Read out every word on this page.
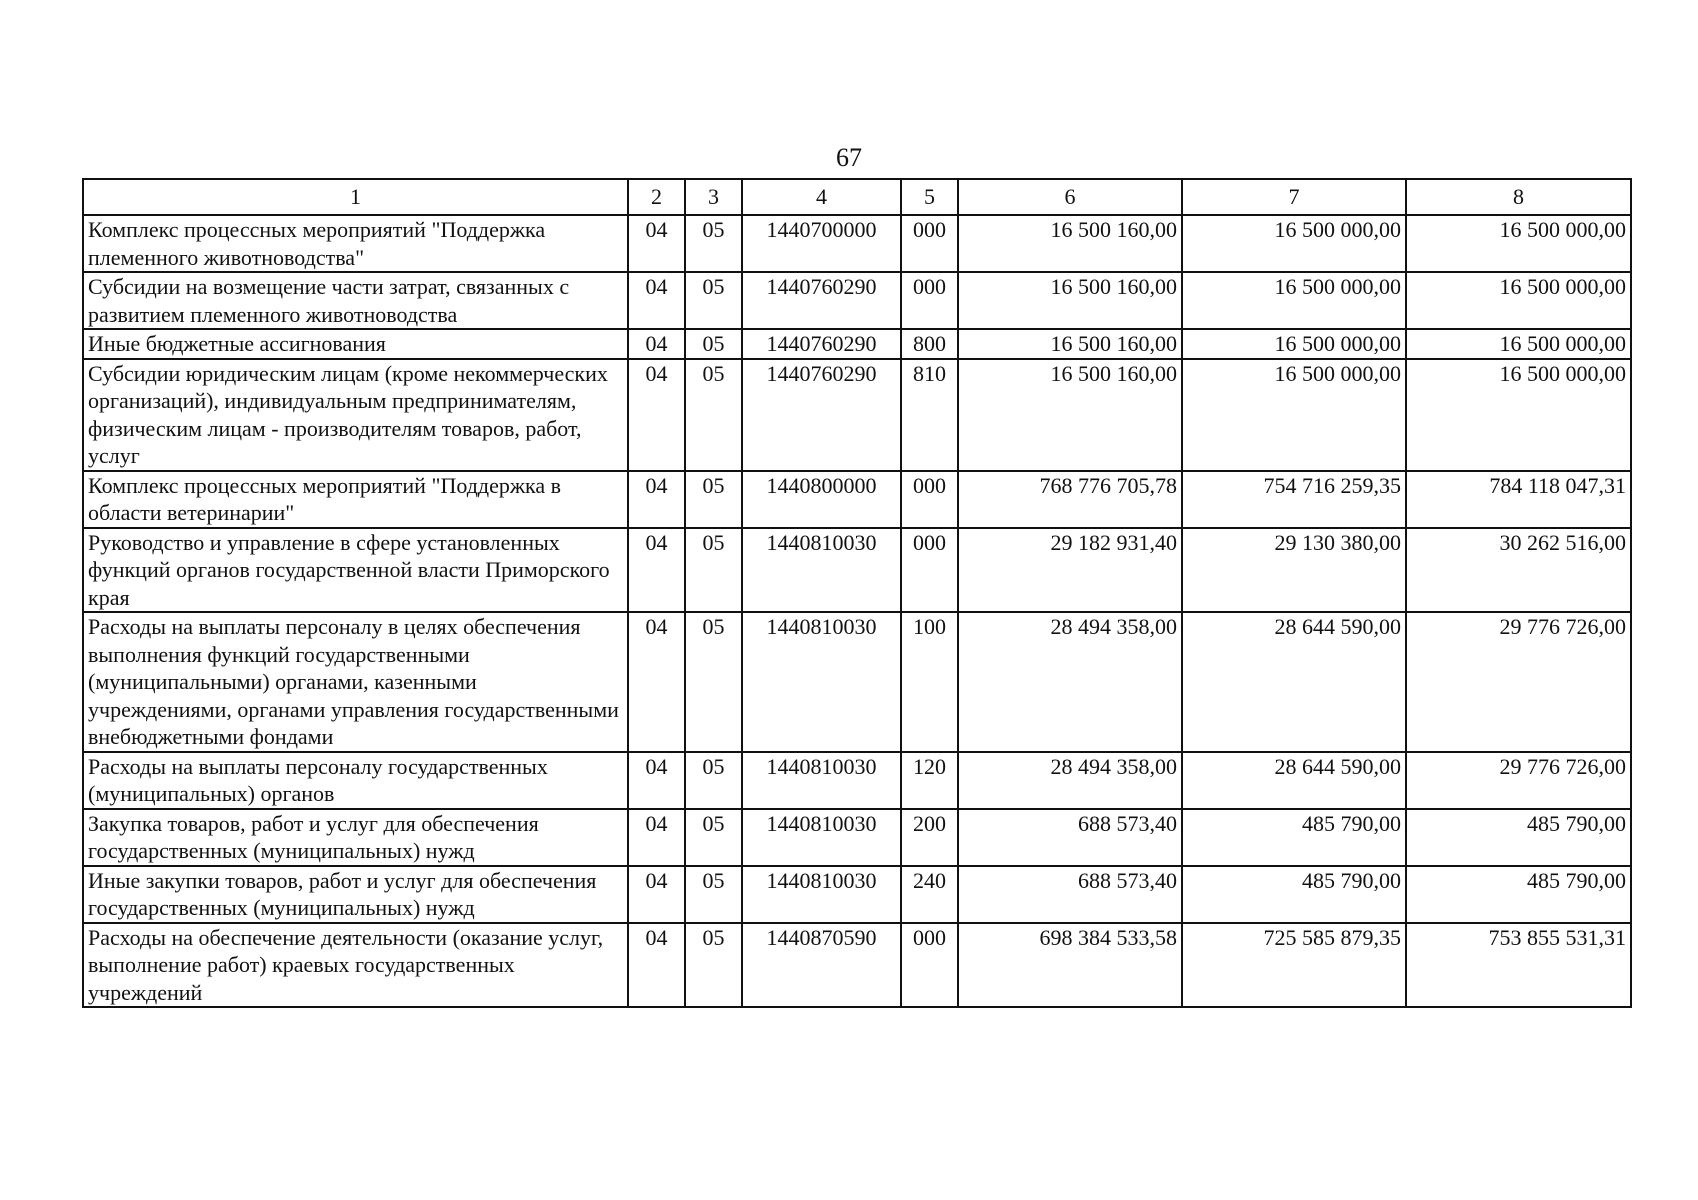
67
1	2	3	4	5	6	7	8
Комплекс процессных мероприятий "Поддержка племенного животноводства"	04	05	1440700000	000	16 500 160,00	16 500 000,00	16 500 000,00
Субсидии на возмещение части затрат, связанных с развитием племенного животноводства	04	05	1440760290	000	16 500 160,00	16 500 000,00	16 500 000,00
Иные бюджетные ассигнования	04	05	1440760290	800	16 500 160,00	16 500 000,00	16 500 000,00
Субсидии юридическим лицам (кроме некоммерческих организаций), индивидуальным предпринимателям, физическим лицам - производителям товаров, работ, услуг	04	05	1440760290	810	16 500 160,00	16 500 000,00	16 500 000,00
Комплекс процессных мероприятий "Поддержка в области ветеринарии"	04	05	1440800000	000	768 776 705,78	754 716 259,35	784 118 047,31
Руководство и управление в сфере установленных функций органов государственной власти Приморского края	04	05	1440810030	000	29 182 931,40	29 130 380,00	30 262 516,00
Расходы на выплаты персоналу в целях обеспечения выполнения функций государственными (муниципальными) органами, казенными учреждениями, органами управления государственными внебюджетными фондами	04	05	1440810030	100	28 494 358,00	28 644 590,00	29 776 726,00
Расходы на выплаты персоналу государственных (муниципальных) органов	04	05	1440810030	120	28 494 358,00	28 644 590,00	29 776 726,00
Закупка товаров, работ и услуг для обеспечения государственных (муниципальных) нужд	04	05	1440810030	200	688 573,40	485 790,00	485 790,00
Иные закупки товаров, работ и услуг для обеспечения государственных (муниципальных) нужд	04	05	1440810030	240	688 573,40	485 790,00	485 790,00
Расходы на обеспечение деятельности (оказание услуг, выполнение работ) краевых государственных учреждений	04	05	1440870590	000	698 384 533,58	725 585 879,35	753 855 531,31
